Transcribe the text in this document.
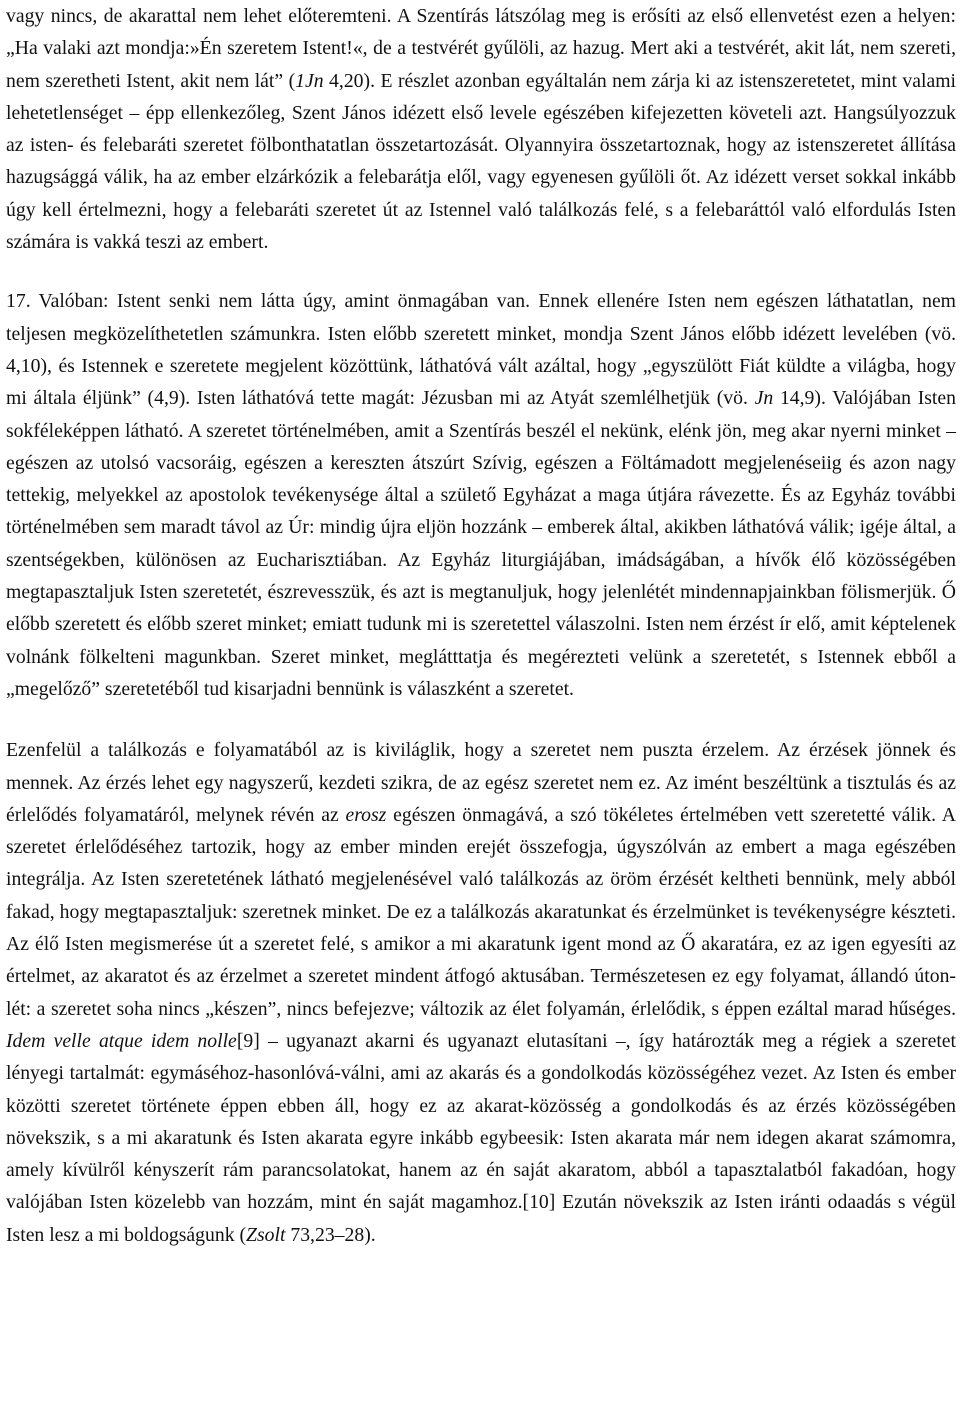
vagy nincs, de akarattal nem lehet előteremteni. A Szentírás látszólag meg is erősíti az első ellenvetést ezen a helyen: „Ha valaki azt mondja:»Én szeretem Istent!«, de a testvérét gyűlöli, az hazug. Mert aki a testvérét, akit lát, nem szereti, nem szeretheti Istent, akit nem lát” (1Jn 4,20). E részlet azonban egyáltalán nem zárja ki az istenszeretetet, mint valami lehetetlenséget – épp ellenkezőleg, Szent János idézett első levele egészében kifejezetten követeli azt. Hangsúlyozzuk az isten- és felebaráti szeretet fölbonthatatlan összetartozását. Olyannyira összetartoznak, hogy az istenszeretet állítása hazugsággá válik, ha az ember elzárkózik a felebarátja elől, vagy egyenesen gyűlöli őt. Az idézett verset sokkal inkább úgy kell értelmezni, hogy a felebaráti szeretet út az Istennel való találkozás felé, s a felebaráttól való elfordulás Isten számára is vakká teszi az embert.

17. Valóban: Istent senki nem látta úgy, amint önmagában van. Ennek ellenére Isten nem egészen láthatatlan, nem teljesen megközelíthetetlen számunkra. Isten előbb szeretett minket, mondja Szent János előbb idézett levelében (vö. 4,10), és Istennek e szeretete megjelent közöttünk, láthatóvá vált azáltal, hogy „egyszülött Fiát küldte a világba, hogy mi általa éljünk” (4,9). Isten láthatóvá tette magát: Jézusban mi az Atyát szemlélhetjük (vö. Jn 14,9). Valójában Isten sokféleképpen látható. A szeretet történelmében, amit a Szentírás beszél el nekünk, elénk jön, meg akar nyerni minket – egészen az utolsó vacsoráig, egészen a kereszten átszúrt Szívig, egészen a Föltámadott megjelenéseiig és azon nagy tettekig, melyekkel az apostolok tevékenysége által a születő Egyházat a maga útjára rávezette. És az Egyház további történelmében sem maradt távol az Úr: mindig újra eljön hozzánk – emberek által, akikben láthatóvá válik; igéje által, a szentségekben, különösen az Eucharisztiában. Az Egyház liturgiájában, imádságában, a hívők élő közösségében megtapasztaljuk Isten szeretetét, észrevesszük, és azt is megtanuljuk, hogy jelenlétét mindennapjainkban fölismerjük. Ő előbb szeretett és előbb szeret minket; emiatt tudunk mi is szeretettel válaszolni. Isten nem érzést ír elő, amit képtelenek volnánk fölkelteni magunkban. Szeret minket, meglátttatja és megérezteti velünk a szeretetét, s Istennek ebből a „megelőző” szeretetéből tud kisarjadni bennünk is válaszként a szeretet.

Ezenfelül a találkozás e folyamatából az is kiviláglik, hogy a szeretet nem puszta érzelem. Az érzések jönnek és mennek. Az érzés lehet egy nagyszerű, kezdeti szikra, de az egész szeretet nem ez. Az imént beszéltünk a tisztulás és az érlelődés folyamatáról, melynek révén az erosz egészen önmagává, a szó tökéletes értelmében vett szeretetté válik. A szeretet érlelődéséhez tartozik, hogy az ember minden erejét összefogja, úgyszólván az embert a maga egészében integrálja. Az Isten szeretetének látható megjelenésével való találkozás az öröm érzését keltheti bennünk, mely abból fakad, hogy megtapasztaljuk: szeretnek minket. De ez a találkozás akaratunkat és érzelmünket is tevékenységre készteti. Az élő Isten megismerése út a szeretet felé, s amikor a mi akaratunk igent mond az Ő akaratára, ez az igen egyesíti az értelmet, az akaratot és az érzelmet a szeretet mindent átfogó aktusában. Természetesen ez egy folyamat, állandó úton-lét: a szeretet soha nincs „készen”, nincs befejezve; változik az élet folyamán, érlelődik, s éppen ezáltal marad hűséges. Idem velle atque idem nolle[9] – ugyanazt akarni és ugyanazt elutasítani –, így határozták meg a régiek a szeretet lényegi tartalmát: egymáséhoz-hasonlóvá-válni, ami az akarás és a gondolkodás közösségéhez vezet. Az Isten és ember közötti szeretet története éppen ebben áll, hogy ez az akarat-közösség a gondolkodás és az érzés közösségében növekszik, s a mi akaratunk és Isten akarata egyre inkább egybeesik: Isten akarata már nem idegen akarat számomra, amely kívülről kényszerít rám parancsolatokat, hanem az én saját akaratom, abból a tapasztalatból fakadóan, hogy valójában Isten közelebb van hozzám, mint én saját magamhoz.[10] Ezután növekszik az Isten iránti odaadás s végül Isten lesz a mi boldogságunk (Zsolt 73,23–28).
